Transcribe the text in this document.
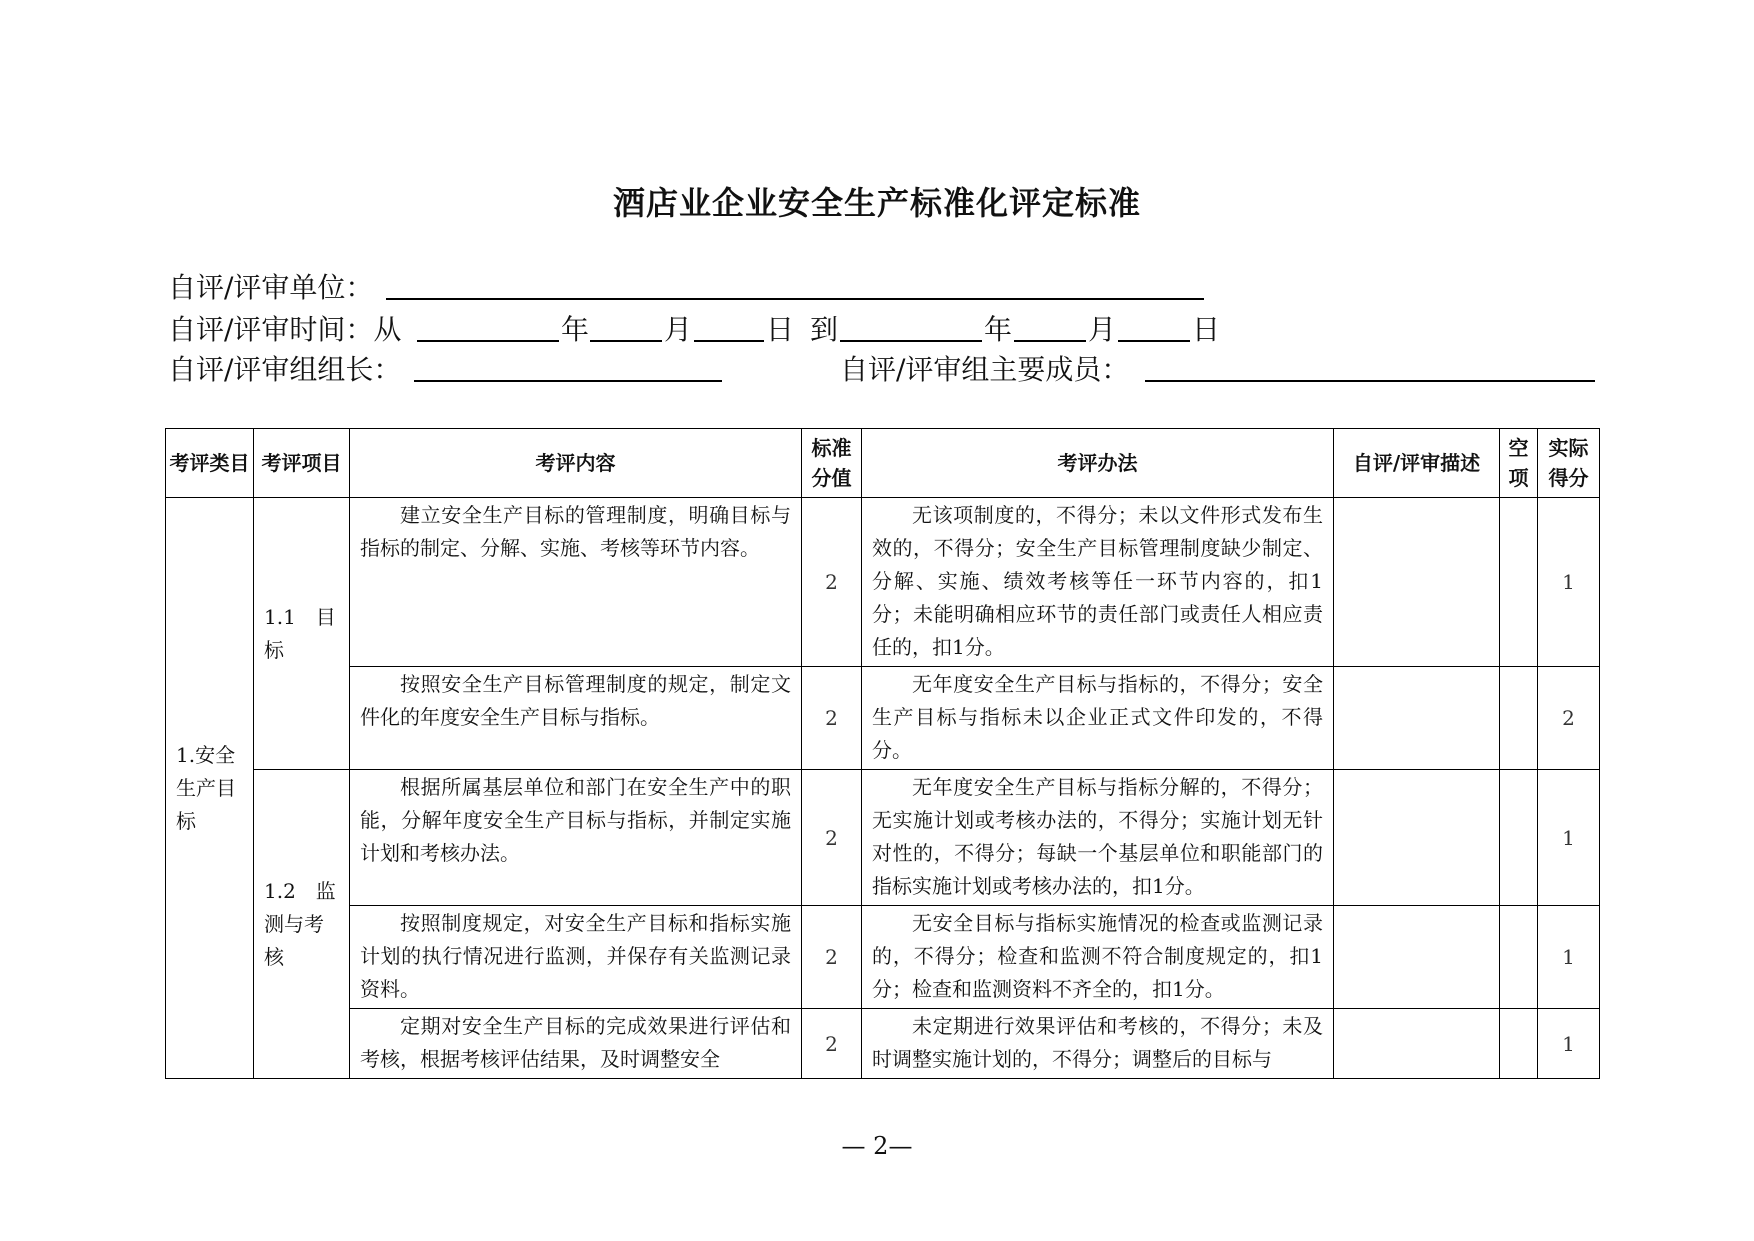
酒店业企业安全生产标准化评定标准
自评/评审单位：
自评/评审时间：从	年	月	日 到	年	月	日
自评/评审组组长：	自评/评审组主要成员：
考评类目	考评项目	考评内容	标准分值	考评办法	自评/评审描述	空项	实际得分
1.安全生产目标	1.1　目标	建立安全生产目标的管理制度，明确目标与指标的制定、分解、实施、考核等环节内容。	2	无该项制度的，不得分；未以文件形式发布生效的，不得分；安全生产目标管理制度缺少制定、分解、实施、绩效考核等任一环节内容的，扣1分；未能明确相应环节的责任部门或责任人相应责任的，扣1分。			1

		按照安全生产目标管理制度的规定，制定文件化的年度安全生产目标与指标。	2	无年度安全生产目标与指标的，不得分；安全生产目标与指标未以企业正式文件印发的，不得分。			2
	1.2　监测与考核	根据所属基层单位和部门在安全生产中的职能，分解年度安全生产目标与指标，并制定实施计划和考核办法。	2	无年度安全生产目标与指标分解的，不得分；无实施计划或考核办法的，不得分；实施计划无针对性的，不得分；每缺一个基层单位和职能部门的指标实施计划或考核办法的，扣1分。			1

		按照制度规定，对安全生产目标和指标实施计划的执行情况进行监测，并保存有关监测记录资料。	2	无安全目标与指标实施情况的检查或监测记录的，不得分；检查和监测不符合制度规定的，扣1分；检查和监测资料不齐全的，扣1分。			1

		定期对安全生产目标的完成效果进行评估和考核，根据考核评估结果，及时调整安全	2	未定期进行效果评估和考核的，不得分；未及时调整实施计划的，不得分；调整后的目标与			1
— 2—
